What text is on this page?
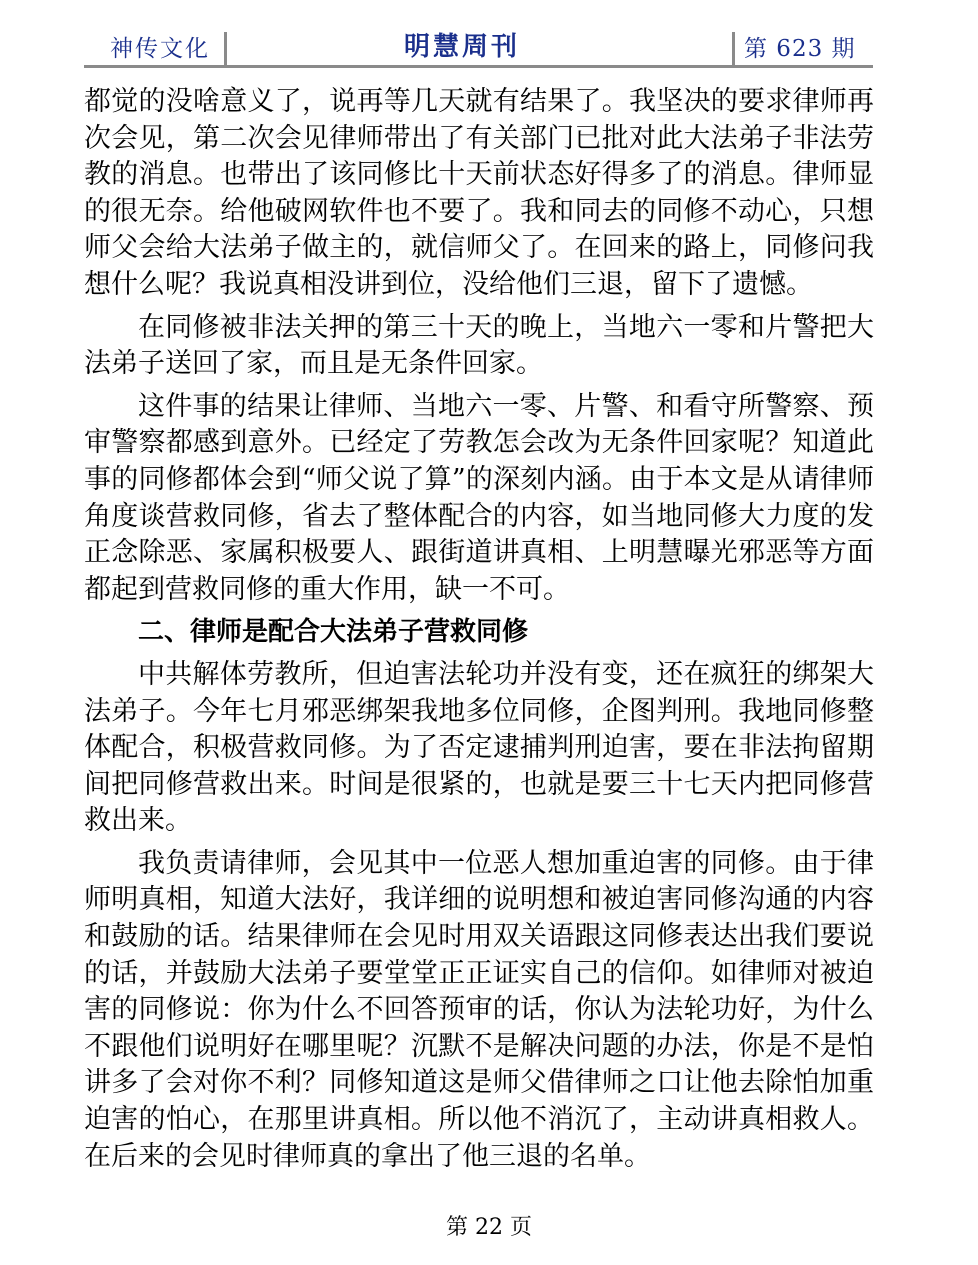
神传文化	明慧周刊	第 623 期

都觉的没啥意义了，说再等几天就有结果了。我坚决的要求律师再次会见，第二次会见律师带出了有关部门已批对此大法弟子非法劳教的消息。也带出了该同修比十天前状态好得多了的消息。律师显的很无奈。给他破网软件也不要了。我和同去的同修不动心，只想师父会给大法弟子做主的，就信师父了。在回来的路上，同修问我想什么呢？我说真相没讲到位，没给他们三退，留下了遗憾。

在同修被非法关押的第三十天的晚上，当地六一零和片警把大法弟子送回了家，而且是无条件回家。

这件事的结果让律师、当地六一零、片警、和看守所警察、预审警察都感到意外。已经定了劳教怎会改为无条件回家呢？知道此事的同修都体会到“师父说了算”的深刻内涵。由于本文是从请律师角度谈营救同修，省去了整体配合的内容，如当地同修大力度的发正念除恶、家属积极要人、跟街道讲真相、上明慧曝光邪恶等方面都起到营救同修的重大作用，缺一不可。

二、律师是配合大法弟子营救同修

中共解体劳教所，但迫害法轮功并没有变，还在疯狂的绑架大法弟子。今年七月邪恶绑架我地多位同修，企图判刑。我地同修整体配合，积极营救同修。为了否定逮捕判刑迫害，要在非法拘留期间把同修营救出来。时间是很紧的，也就是要三十七天内把同修营救出来。

我负责请律师，会见其中一位恶人想加重迫害的同修。由于律师明真相，知道大法好，我详细的说明想和被迫害同修沟通的内容和鼓励的话。结果律师在会见时用双关语跟这同修表达出我们要说的话，并鼓励大法弟子要堂堂正正证实自己的信仰。如律师对被迫害的同修说：你为什么不回答预审的话，你认为法轮功好，为什么不跟他们说明好在哪里呢？沉默不是解决问题的办法，你是不是怕讲多了会对你不利？同修知道这是师父借律师之口让他去除怕加重迫害的怕心，在那里讲真相。所以他不消沉了，主动讲真相救人。在后来的会见时律师真的拿出了他三退的名单。

第 22 页
